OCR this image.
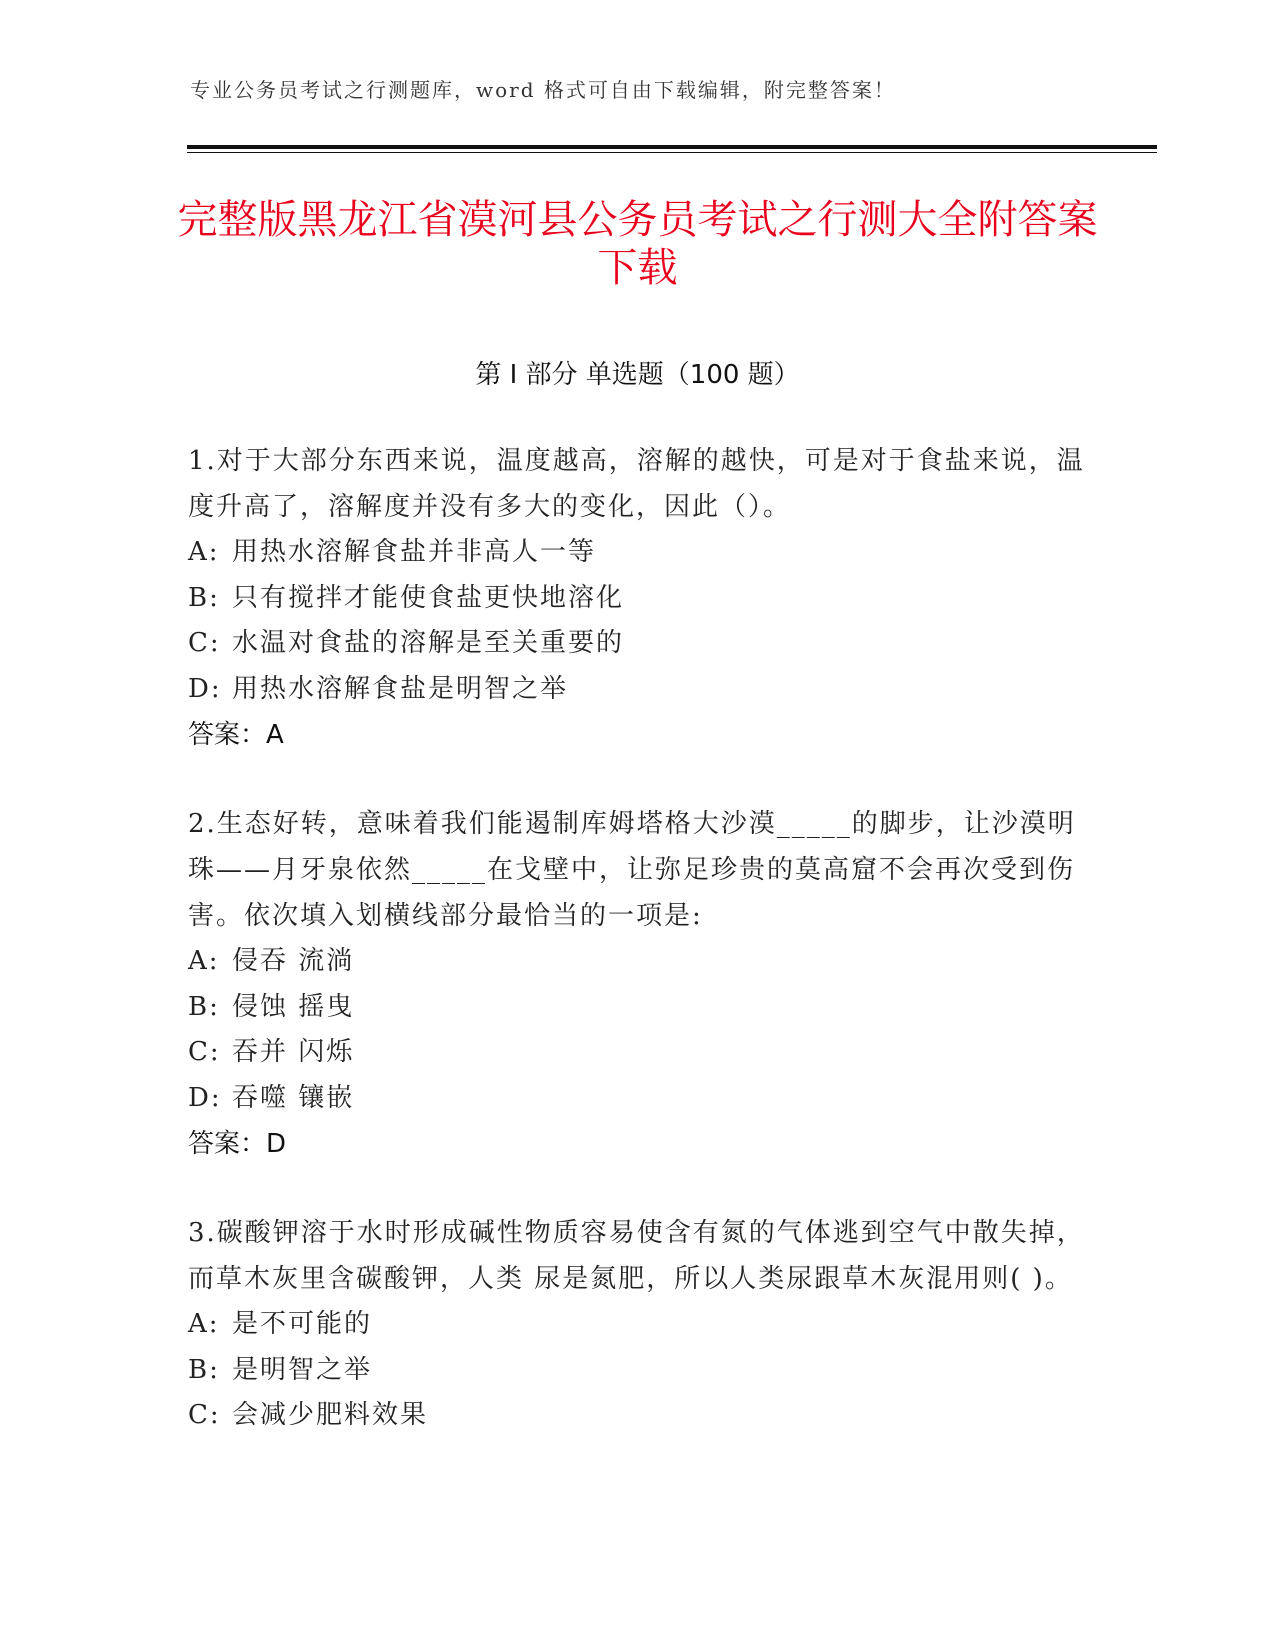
专业公务员考试之行测题库，word 格式可自由下载编辑，附完整答案！
完整版黑龙江省漠河县公务员考试之行测大全附答案下载
第 I 部分 单选题（100 题）
1.对于大部分东西来说，温度越高，溶解的越快，可是对于食盐来说，温度升高了，溶解度并没有多大的变化，因此（）。
A: 用热水溶解食盐并非高人一等
B: 只有搅拌才能使食盐更快地溶化
C: 水温对食盐的溶解是至关重要的
D: 用热水溶解食盐是明智之举
答案：A
2.生态好转，意味着我们能遏制库姆塔格大沙漠_____的脚步，让沙漠明珠——月牙泉依然_____在戈壁中，让弥足珍贵的莫高窟不会再次受到伤害。依次填入划横线部分最恰当的一项是:
A: 侵吞 流淌
B: 侵蚀 摇曳
C: 吞并 闪烁
D: 吞噬 镶嵌
答案：D
3.碳酸钾溶于水时形成碱性物质容易使含有氮的气体逃到空气中散失掉，而草木灰里含碳酸钾，人类 尿是氮肥，所以人类尿跟草木灰混用则( )。
A: 是不可能的
B: 是明智之举
C: 会减少肥料效果
